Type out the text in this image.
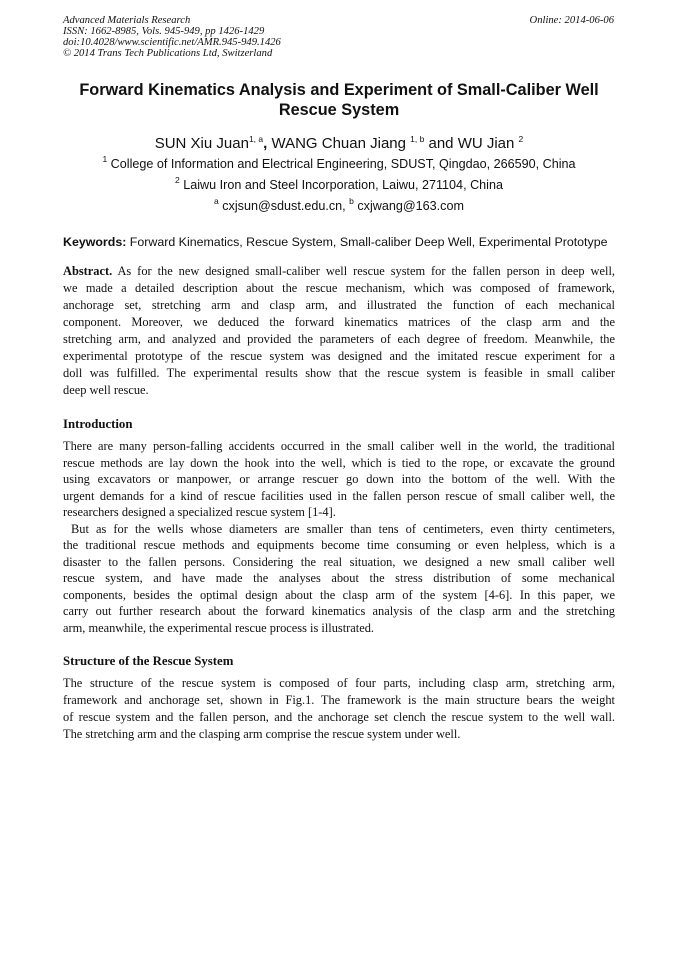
Advanced Materials Research
ISSN: 1662-8985, Vols. 945-949, pp 1426-1429
doi:10.4028/www.scientific.net/AMR.945-949.1426
© 2014 Trans Tech Publications Ltd, Switzerland
Online: 2014-06-06
Forward Kinematics Analysis and Experiment of Small-Caliber Well
Rescue System
SUN Xiu Juan$^{1, a}$, WANG Chuan Jiang $^{1, b}$ and WU Jian $^2$
$^1$ College of Information and Electrical Engineering, SDUST, Qingdao, 266590, China
$^2$ Laiwu Iron and Steel Incorporation, Laiwu, 271104, China
$^a$ cxjsun@sdust.edu.cn, $^b$ cxjwang@163.com
Keywords: Forward Kinematics, Rescue System, Small-caliber Deep Well, Experimental Prototype
Abstract. As for the new designed small-caliber well rescue system for the fallen person in deep well,
we made a detailed description about the rescue mechanism, which was composed of framework,
anchorage set, stretching arm and clasp arm, and illustrated the function of each mechanical
component. Moreover, we deduced the forward kinematics matrices of the clasp arm and the
stretching arm, and analyzed and provided the parameters of each degree of freedom. Meanwhile, the
experimental prototype of the rescue system was designed and the imitated rescue experiment for a
doll was fulfilled. The experimental results show that the rescue system is feasible in small caliber
deep well rescue.
Introduction
There are many person-falling accidents occurred in the small caliber well in the world, the traditional
rescue methods are lay down the hook into the well, which is tied to the rope, or excavate the ground
using excavators or manpower, or arrange rescuer go down into the bottom of the well. With the
urgent demands for a kind of rescue facilities used in the fallen person rescue of small caliber well, the
researchers designed a specialized rescue system [1-4].
But as for the wells whose diameters are smaller than tens of centimeters, even thirty centimeters,
the traditional rescue methods and equipments become time consuming or even helpless, which is a
disaster to the fallen persons. Considering the real situation, we designed a new small caliber well
rescue system, and have made the analyses about the stress distribution of some mechanical
components, besides the optimal design about the clasp arm of the system [4-6]. In this paper, we
carry out further research about the forward kinematics analysis of the clasp arm and the stretching
arm, meanwhile, the experimental rescue process is illustrated.
Structure of the Rescue System
The structure of the rescue system is composed of four parts, including clasp arm, stretching arm,
framework and anchorage set, shown in Fig.1. The framework is the main structure bears the weight
of rescue system and the fallen person, and the anchorage set clench the rescue system to the well wall.
The stretching arm and the clasping arm comprise the rescue system under well.
